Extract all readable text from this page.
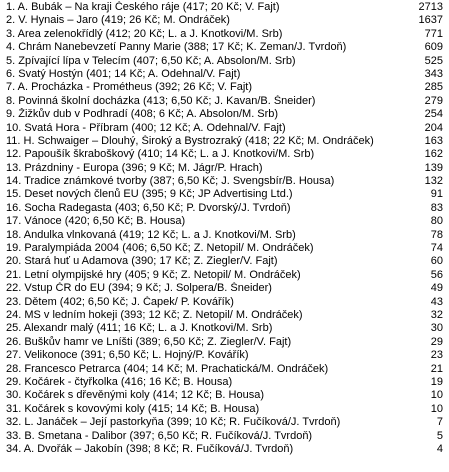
1. A. Bubák – Na kraji Českého ráje (417; 20 Kč; V. Fajt)	2713
2. V. Hynais – Jaro (419; 26 Kč; M. Ondráček)	1637
3. Area zelenokřídlý (412; 20 Kč; L. a J. Knotkovi/M. Srb)	771
4. Chrám Nanebevzetí Panny Marie (388; 17 Kč; K. Zeman/J. Tvrdoň)	609
5. Zpívající lípa v Telecím (407; 6,50 Kč; A. Absolon/M. Srb)	525
6. Svatý Hostýn (401; 14 Kč; A. Odehnal/V. Fajt)	343
7. A. Procházka - Prométheus (392; 26 Kč; V. Fajt)	285
8. Povinná školní docházka (413; 6,50 Kč; J. Kavan/B. Šneider)	279
9. Žižkův dub v Podhradí (408; 6 Kč; A. Absolon/M. Srb)	254
10. Svatá Hora - Příbram (400; 12 Kč; A. Odehnal/V. Fajt)	204
11. H. Schwaiger – Dlouhý, Široký a Bystrozraký (418; 22 Kč; M. Ondráček)	163
12. Papoušík škraboškový (410; 14 Kč; L. a J. Knotkovi/M. Srb)	162
13. Prázdniny - Europa (396; 9 Kč; M. Jágr/P. Hrach)	139
14. Tradice známkové tvorby (387; 6,50 Kč; J. Svengsbír/B. Housa)	132
15. Deset nových členů EU (395; 9 Kč; JP Advertising Ltd.)	91
16. Socha Radegasta (403; 6,50 Kč; P. Dvorský/J. Tvrdoň)	83
17. Vánoce (420; 6,50 Kč; B. Housa)	80
18. Andulka vlnkovaná (419; 12 Kč; L. a J. Knotkovi/M. Srb)	78
19. Paralympiáda 2004 (406; 6,50 Kč; Z. Netopil/ M. Ondráček)	74
20. Stará huť u Adamova (390; 17 Kč; Z. Ziegler/V. Fajt)	60
21. Letní olympijské hry (405; 9 Kč; Z. Netopil/ M. Ondráček)	56
22. Vstup ČR do EU (394; 9 Kč; J. Solpera/B. Šneider)	49
23. Dětem (402; 6,50 Kč; J. Čapek/ P. Kovářík)	43
24. MS v ledním hokeji (393; 12 Kč; Z. Netopil/ M. Ondráček)	32
25. Alexandr malý (411; 16 Kč; L. a J. Knotkovi/M. Srb)	30
26. Buškův hamr ve Lníšti (389; 6,50 Kč; Z. Ziegler/V. Fajt)	29
27. Velikonoce (391; 6,50 Kč; L. Hojný/P. Kovářík)	23
28. Francesco Petrarca (404; 14 Kč; M. Prachatická/M. Ondráček)	21
29. Kočárek - čtyřkolka (416; 16 Kč; B. Housa)	19
30. Kočárek s dřevěnými koly (414; 12 Kč; B. Housa)	10
31. Kočárek s kovovými koly (415; 14 Kč; B. Housa)	10
32. L. Janáček – Její pastorkyňa (399; 10 Kč; R. Fučíková/J. Tvrdoň)	7
33. B. Smetana - Dalibor (397; 6,50 Kč; R. Fučíková/J. Tvrdoň)	5
34. A. Dvořák – Jakobín (398; 8 Kč; R. Fučíková/J. Tvrdoň)	4
